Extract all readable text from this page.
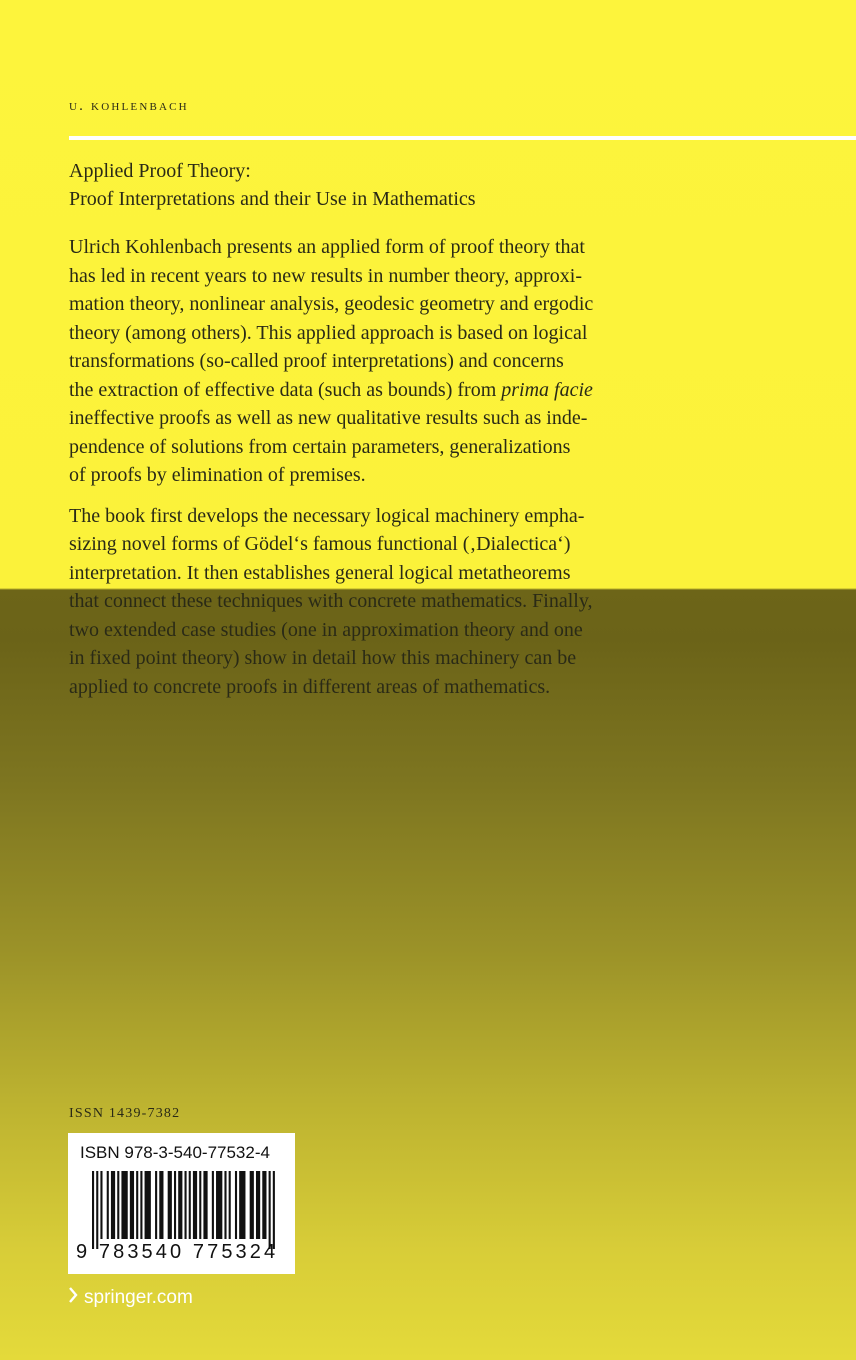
u. kohlenbach
Applied Proof Theory:
Proof Interpretations and their Use in Mathematics
Ulrich Kohlenbach presents an applied form of proof theory that
has led in recent years to new results in number theory, approxi-
mation theory, nonlinear analysis, geodesic geometry and ergodic
theory (among others). This applied approach is based on logical
transformations (so-called proof interpretations) and concerns
the extraction of effective data (such as bounds) from prima facie
ineffective proofs as well as new qualitative results such as inde-
pendence of solutions from certain parameters, generalizations
of proofs by elimination of premises.
The book first develops the necessary logical machinery empha-
sizing novel forms of Gödel‘s famous functional (‚Dialectica‘)
interpretation. It then establishes general logical metatheorems
that connect these techniques with concrete mathematics. Finally,
two extended case studies (one in approximation theory and one
in fixed point theory) show in detail how this machinery can be
applied to concrete proofs in different areas of mathematics.
ISSN 1439-7382
ISBN 978-3-540-77532-4
9 783540 775324
springer.com
